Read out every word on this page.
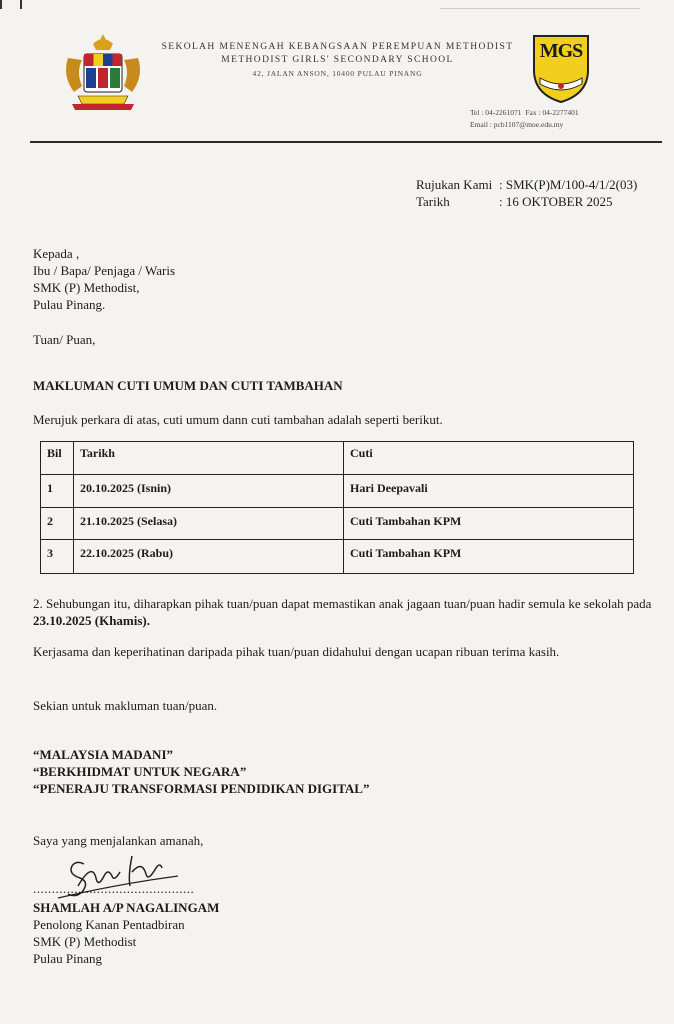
SEKOLAH MENENGAH KEBANGSAAN PEREMPUAN METHODIST
METHODIST GIRLS' SECONDARY SCHOOL
42, JALAN ANSON, 10400 PULAU PINANG
MGS
Tel : 04-2261071 Fax : 04-2277401
Email : pcb1107@moe.edu.my
Rujukan Kami : SMK(P)M/100-4/1/2(03)
Tarikh	: 16 OKTOBER 2025
Kepada ,
Ibu / Bapa/ Penjaga / Waris
SMK (P) Methodist,
Pulau Pinang.
Tuan/ Puan,
MAKLUMAN CUTI UMUM DAN CUTI TAMBAHAN
Merujuk perkara di atas, cuti umum dann cuti tambahan adalah seperti berikut.
Bil	Tarikh	Cuti
1	20.10.2025 (Isnin)	Hari Deepavali
2	21.10.2025 (Selasa)	Cuti Tambahan KPM
3	22.10.2025 (Rabu)	Cuti Tambahan KPM
2. Sehubungan itu, diharapkan pihak tuan/puan dapat memastikan anak jagaan tuan/puan hadir semula ke sekolah pada 23.10.2025 (Khamis).
Kerjasama dan keperihatinan daripada pihak tuan/puan didahului dengan ucapan ribuan terima kasih.
Sekian untuk makluman tuan/puan.
“MALAYSIA MADANI”
“BERKHIDMAT UNTUK NEGARA”
“PENERAJU TRANSFORMASI PENDIDIKAN DIGITAL”
Saya yang menjalankan amanah,
...........................................
SHAMLAH A/P NAGALINGAM
Penolong Kanan Pentadbiran
SMK (P) Methodist
Pulau Pinang
